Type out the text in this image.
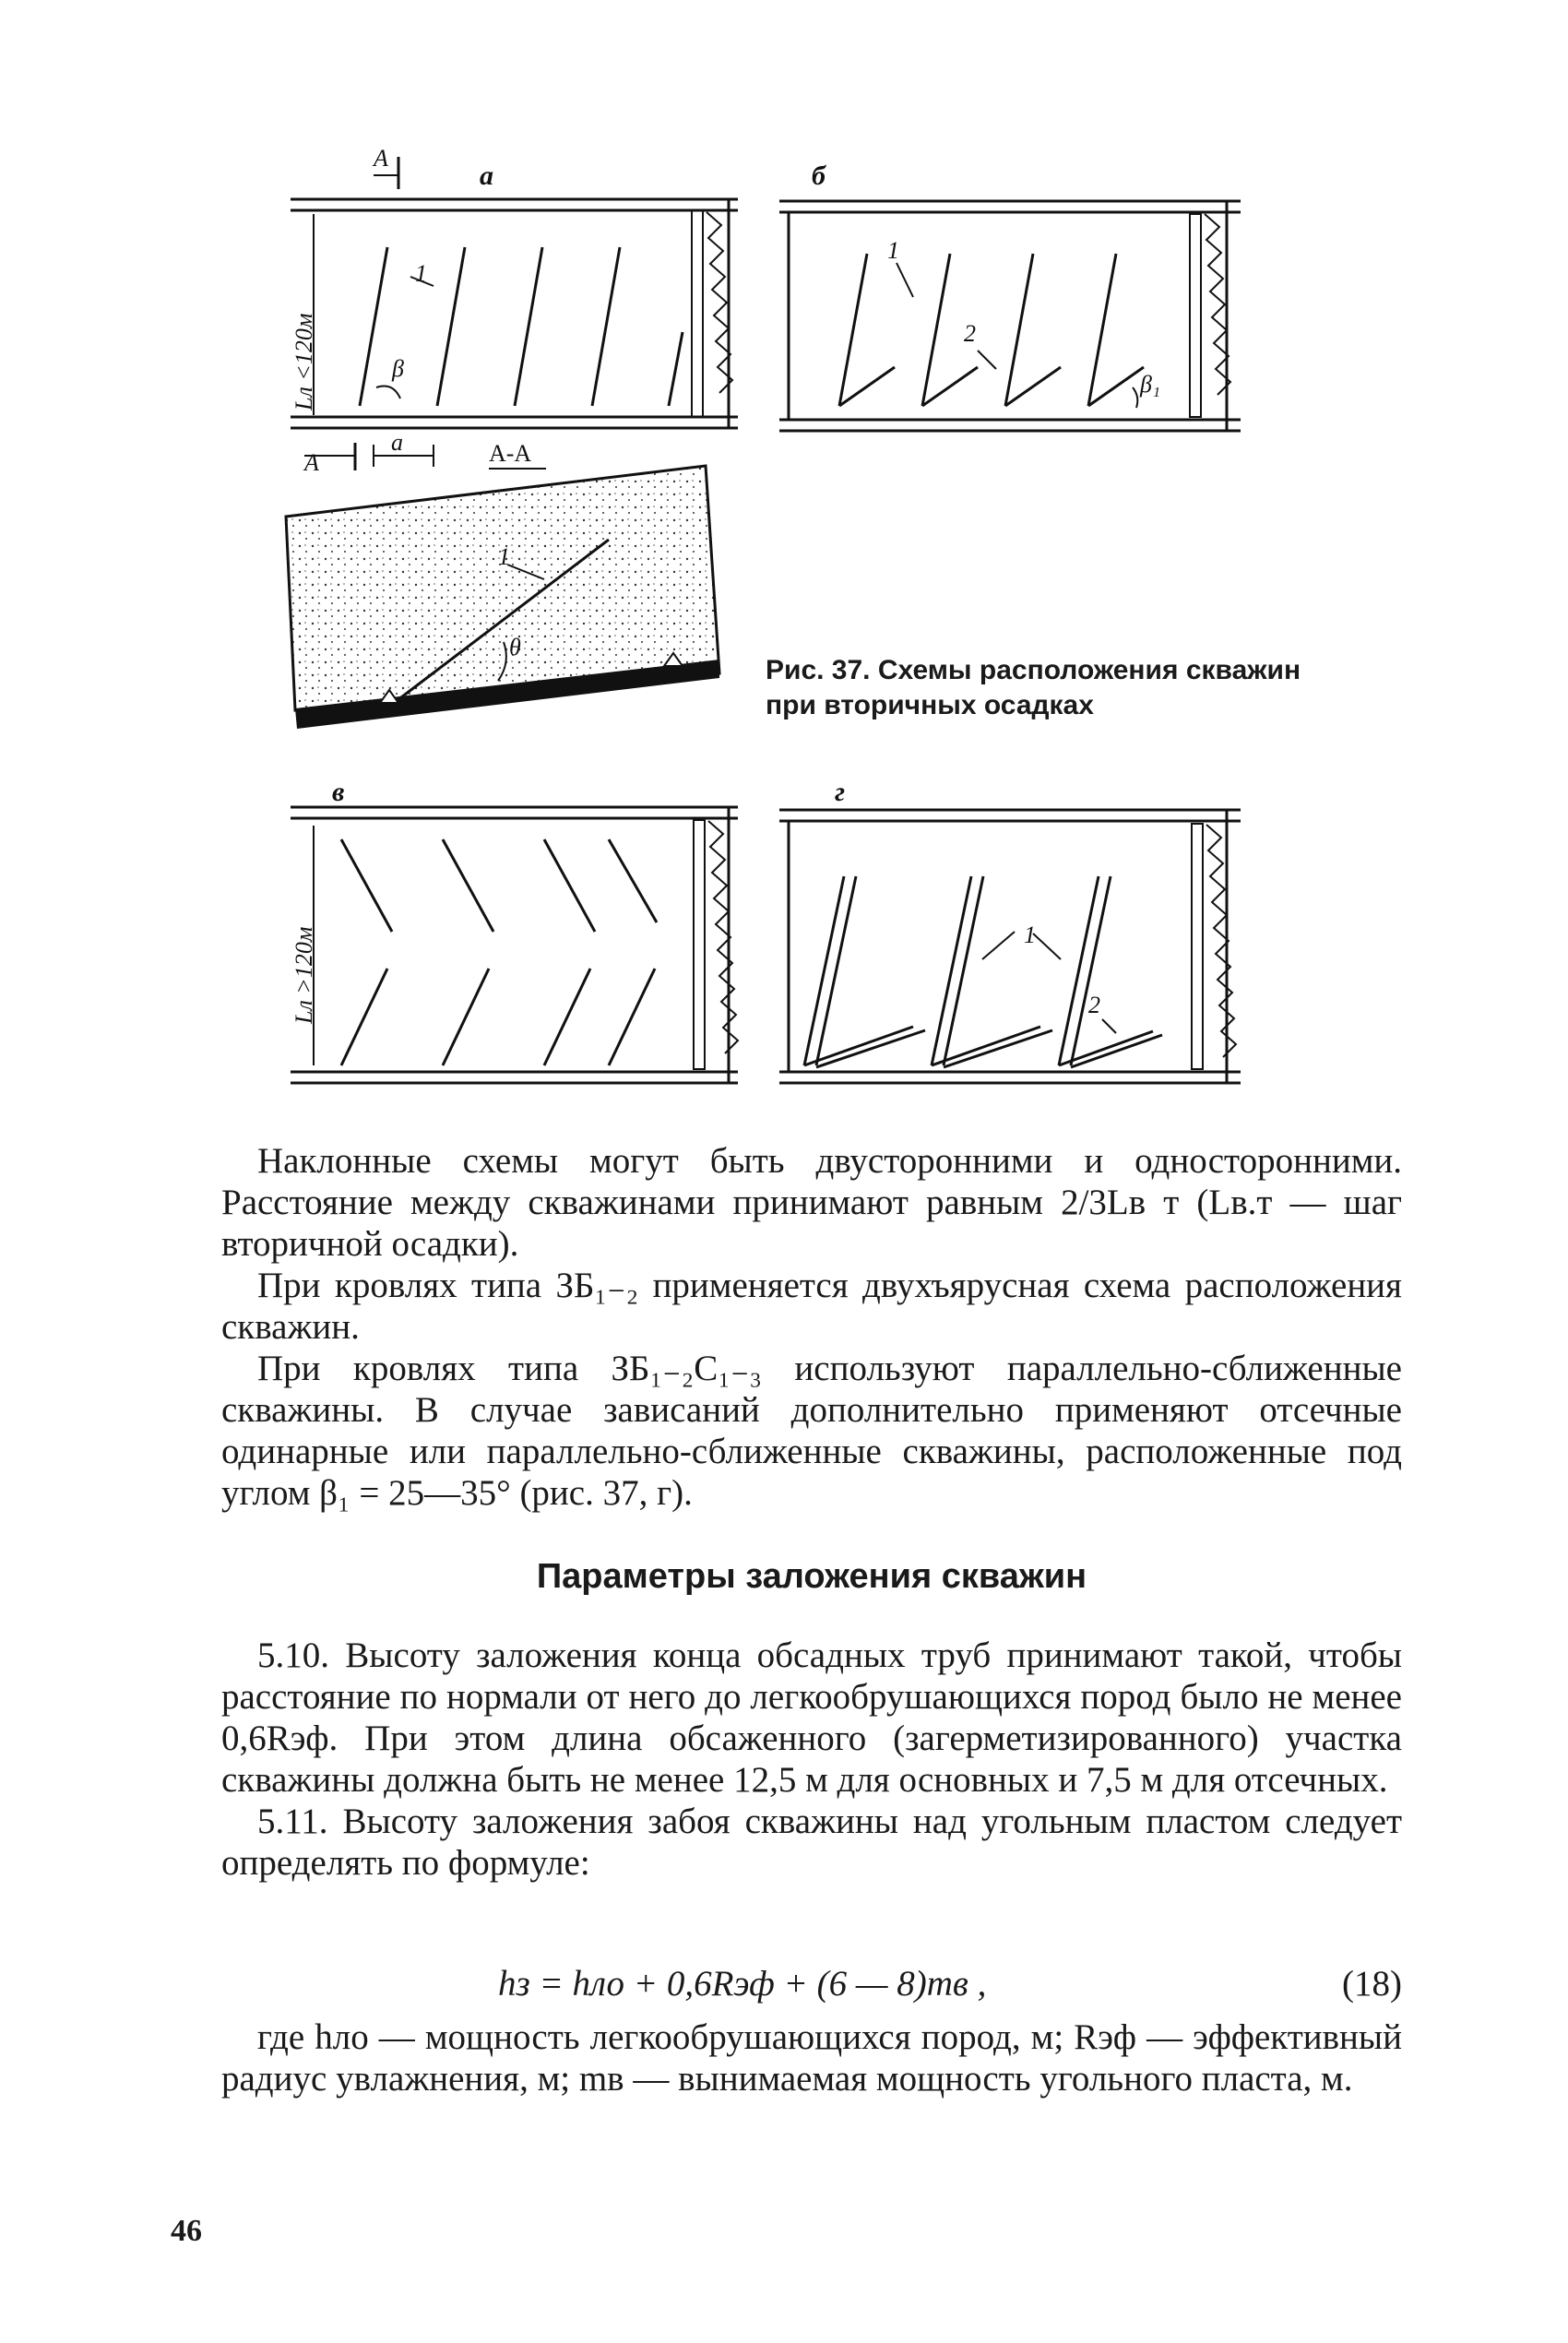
а
A
A
a	A-A
β
1
Lл <120м
1
θ
б
1
2
β₁
в
Lл >120м
г
1
2
Рис. 37. Схемы расположения скважин при вторичных осадках

Наклонные схемы могут быть двусторонними и односторонними. Расстояние между скважинами принимают равным 2/3Lв т (Lв.т — шаг вторичной осадки).

При кровлях типа ЗБ₁₋₂ применяется двухъярусная схема расположения скважин.

При кровлях типа ЗБ₁₋₂С₁₋₃ используют параллельно-сближенные скважины. В случае зависаний дополнительно применяют отсечные одинарные или параллельно-сближенные скважины, расположенные под углом β₁ = 25—35° (рис. 37, г).

Параметры заложения скважин

5.10. Высоту заложения конца обсадных труб принимают такой, чтобы расстояние по нормали от него до легкообрушающихся пород было не менее 0,6Rэф. При этом длина обсаженного (загерметизированного) участка скважины должна быть не менее 12,5 м для основных и 7,5 м для отсечных.

5.11. Высоту заложения забоя скважины над угольным пластом следует определять по формуле:

hз = hло + 0,6Rэф + (6 — 8)mв ,	(18)

где hло — мощность легкообрушающихся пород, м; Rэф — эффективный радиус увлажнения, м; mв — вынимаемая мощность угольного пласта, м.

46
